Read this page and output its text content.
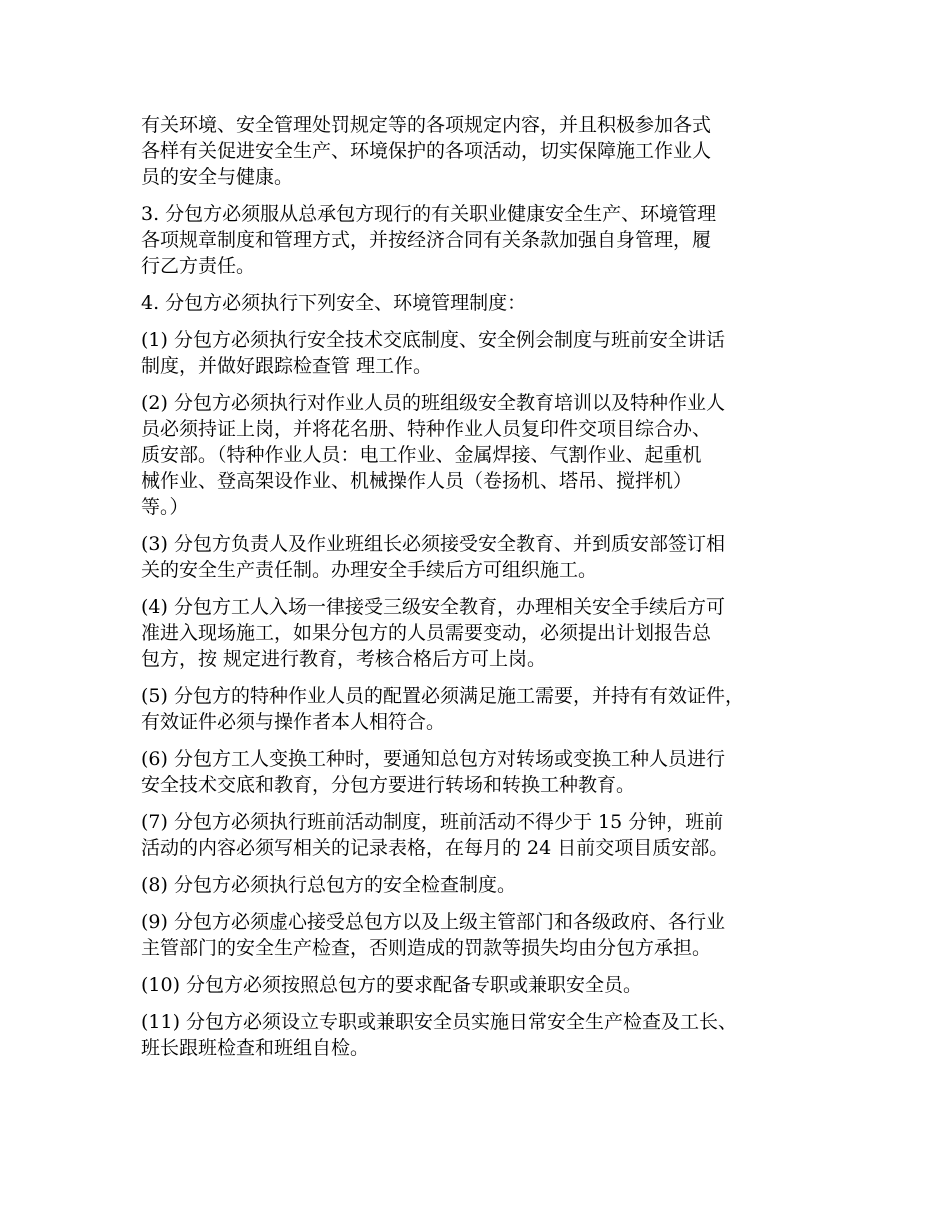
有关环境、安全管理处罚规定等的各项规定内容，并且积极参加各式
各样有关促进安全生产、环境保护的各项活动，切实保障施工作业人
员的安全与健康。
3. 分包方必须服从总承包方现行的有关职业健康安全生产、环境管理
各项规章制度和管理方式，并按经济合同有关条款加强自身管理，履
行乙方责任。
4. 分包方必须执行下列安全、环境管理制度：
(1) 分包方必须执行安全技术交底制度、安全例会制度与班前安全讲话
制度，并做好跟踪检查管 理工作。
(2) 分包方必须执行对作业人员的班组级安全教育培训以及特种作业人
员必须持证上岗，并将花名册、特种作业人员复印件交项目综合办、
质安部。（特种作业人员：电工作业、金属焊接、气割作业、起重机
械作业、登高架设作业、机械操作人员（卷扬机、塔吊、搅拌机）
等。）
(3) 分包方负责人及作业班组长必须接受安全教育、并到质安部签订相
关的安全生产责任制。办理安全手续后方可组织施工。
(4) 分包方工人入场一律接受三级安全教育，办理相关安全手续后方可
准进入现场施工，如果分包方的人员需要变动，必须提出计划报告总
包方，按 规定进行教育，考核合格后方可上岗。
(5) 分包方的特种作业人员的配置必须满足施工需要，并持有有效证件，
有效证件必须与操作者本人相符合。
(6) 分包方工人变换工种时，要通知总包方对转场或变换工种人员进行
安全技术交底和教育，分包方要进行转场和转换工种教育。
(7) 分包方必须执行班前活动制度，班前活动不得少于 15 分钟，班前
活动的内容必须写相关的记录表格，在每月的 24 日前交项目质安部。
(8) 分包方必须执行总包方的安全检查制度。
(9) 分包方必须虚心接受总包方以及上级主管部门和各级政府、各行业
主管部门的安全生产检查，否则造成的罚款等损失均由分包方承担。
(10) 分包方必须按照总包方的要求配备专职或兼职安全员。
(11) 分包方必须设立专职或兼职安全员实施日常安全生产检查及工长、
班长跟班检查和班组自检。
